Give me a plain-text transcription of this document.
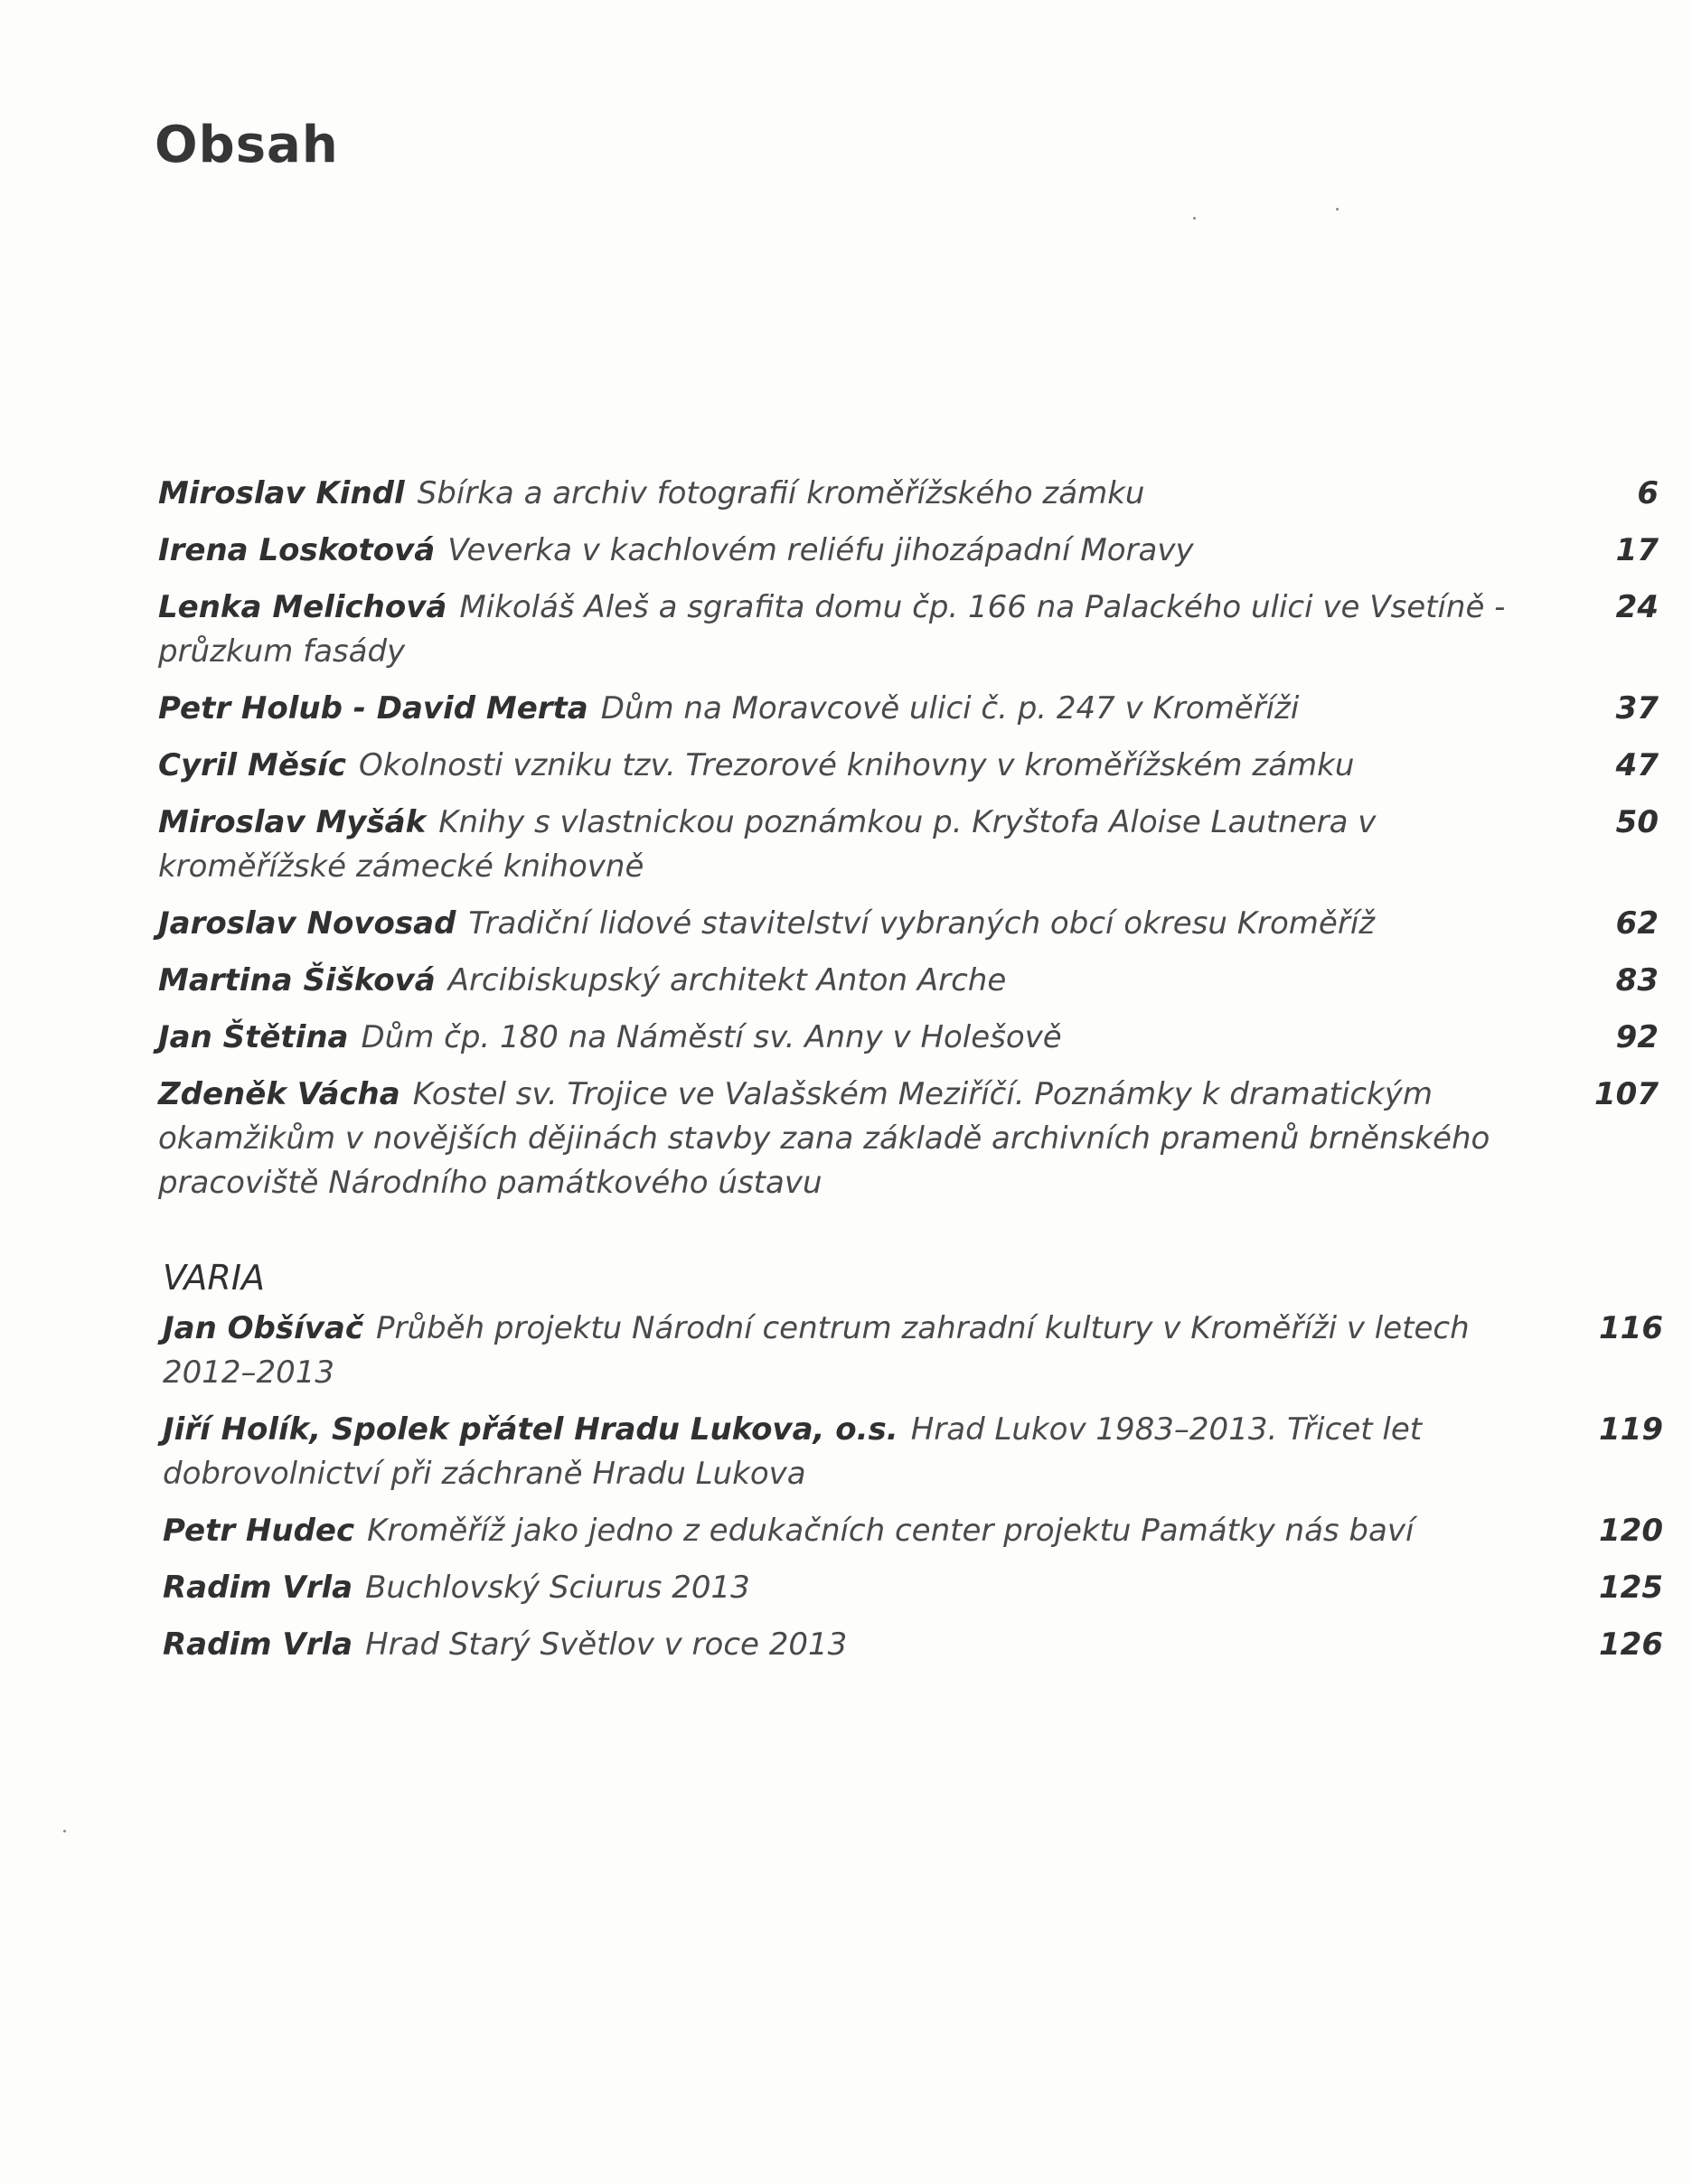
Obsah
Miroslav Kindl Sbírka a archiv fotografií kroměřížského zámku	6
Irena Loskotová Veverka v kachlovém reliéfu jihozápadní Moravy	17
Lenka Melichová Mikoláš Aleš a sgrafita domu čp. 166 na Palackého ulici ve Vsetíně - průzkum fasády
24
Petr Holub - David Merta Dům na Moravcově ulici č. p. 247 v Kroměříži	37
Cyril Měsíc Okolnosti vzniku tzv. Trezorové knihovny v kroměřížském zámku	47
Miroslav Myšák Knihy s vlastnickou poznámkou p. Kryštofa Aloise Lautnera v kroměřížské zámecké knihovně
50
Jaroslav Novosad Tradiční lidové stavitelství vybraných obcí okresu Kroměříž	62
Martina Šišková Arcibiskupský architekt Anton Arche	83
Jan Štětina Dům čp. 180 na Náměstí sv. Anny v Holešově	92
Zdeněk Vácha Kostel sv. Trojice ve Valašském Meziříčí. Poznámky k dramatickým okamžikům v novějších dějinách stavby zana základě archivních pramenů brněnského pracoviště Národního památkového ústavu
107
VARIA
Jan Obšívač Průběh projektu Národní centrum zahradní kultury v Kroměříži v letech 2012–2013
116
Jiří Holík, Spolek přátel Hradu Lukova, o.s. Hrad Lukov 1983–2013. Třicet let dobrovolnictví při záchraně Hradu Lukova
119
Petr Hudec Kroměříž jako jedno z edukačních center projektu Památky nás baví	120
Radim Vrla Buchlovský Sciurus 2013	125
Radim Vrla Hrad Starý Světlov v roce 2013	126
